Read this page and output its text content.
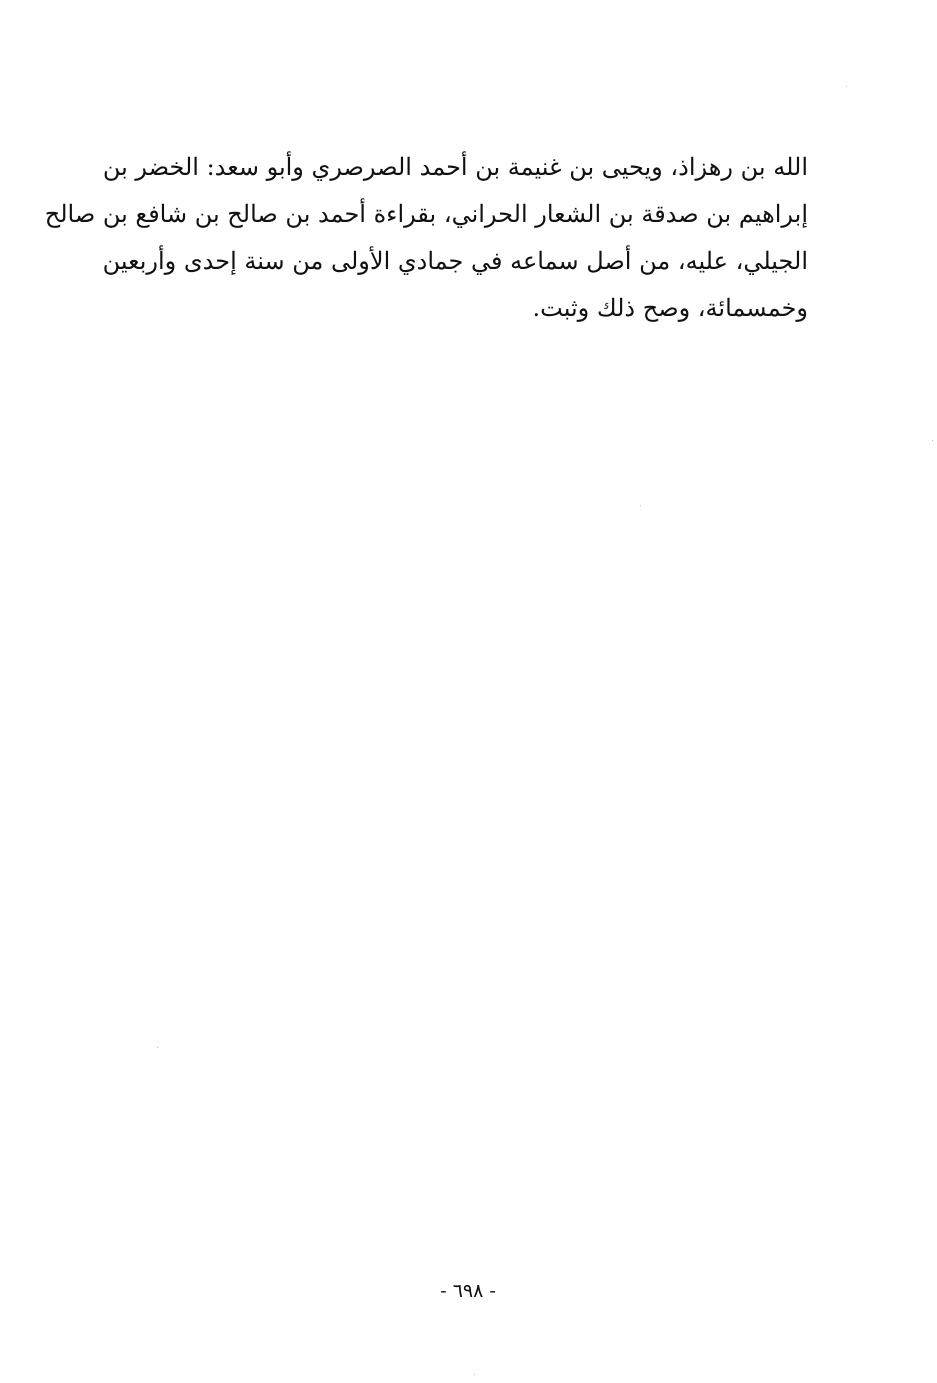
الله بن رهزاذ، ويحيى بن غنيمة بن أحمد الصرصري وأبو سعد: الخضر بن
إبراهيم بن صدقة بن الشعار الحراني، بقراءة أحمد بن صالح بن شافع بن صالح
الجيلي، عليه، من أصل سماعه في جمادي الأولى من سنة إحدى وأربعين
وخمسمائة، وصح ذلك وثبت.
- ٦٩٨ -
